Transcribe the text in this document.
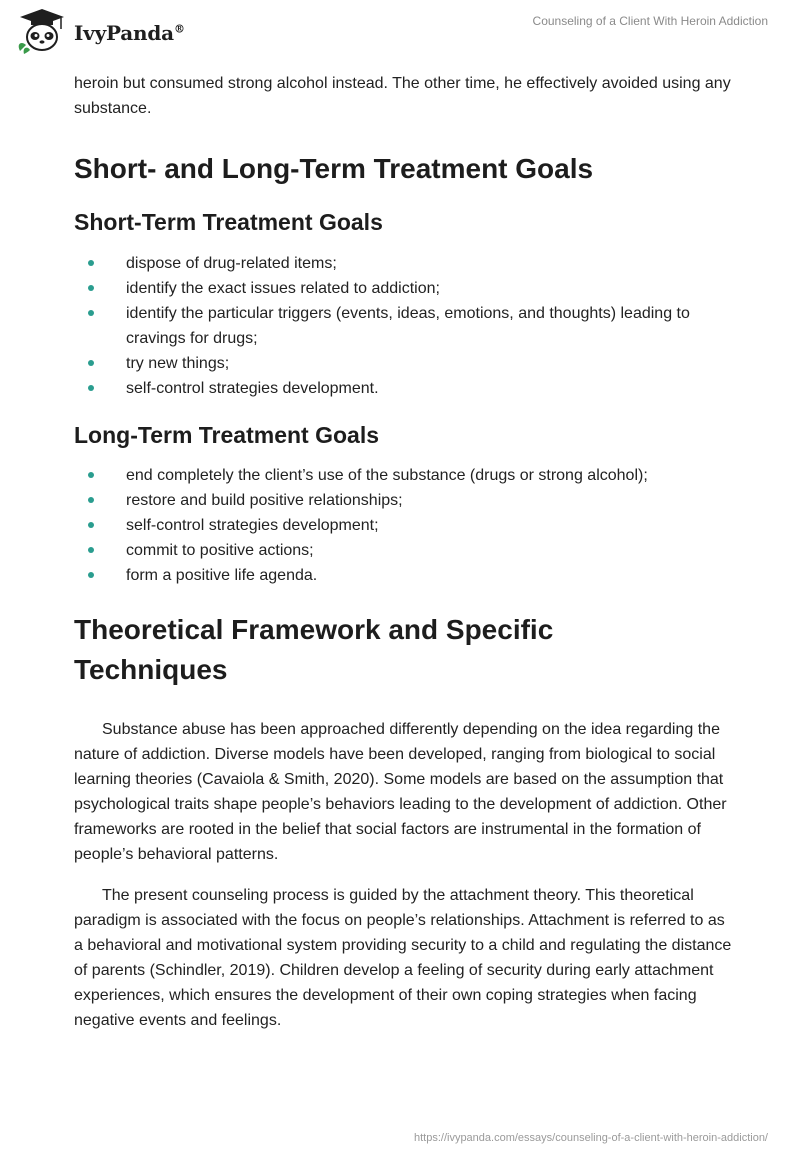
IvyPanda®
Counseling of a Client With Heroin Addiction

heroin but consumed strong alcohol instead. The other time, he effectively avoided using any substance.

Short- and Long-Term Treatment Goals
Short-Term Treatment Goals
dispose of drug-related items;
identify the exact issues related to addiction;
identify the particular triggers (events, ideas, emotions, and thoughts) leading to cravings for drugs;
try new things;
self-control strategies development.
Long-Term Treatment Goals
end completely the client’s use of the substance (drugs or strong alcohol);
restore and build positive relationships;
self-control strategies development;
commit to positive actions;
form a positive life agenda.
Theoretical Framework and Specific Techniques

Substance abuse has been approached differently depending on the idea regarding the nature of addiction. Diverse models have been developed, ranging from biological to social learning theories (Cavaiola & Smith, 2020). Some models are based on the assumption that psychological traits shape people’s behaviors leading to the development of addiction. Other frameworks are rooted in the belief that social factors are instrumental in the formation of people’s behavioral patterns.

The present counseling process is guided by the attachment theory. This theoretical paradigm is associated with the focus on people’s relationships. Attachment is referred to as a behavioral and motivational system providing security to a child and regulating the distance of parents (Schindler, 2019). Children develop a feeling of security during early attachment experiences, which ensures the development of their own coping strategies when facing negative events and feelings.

https://ivypanda.com/essays/counseling-of-a-client-with-heroin-addiction/
